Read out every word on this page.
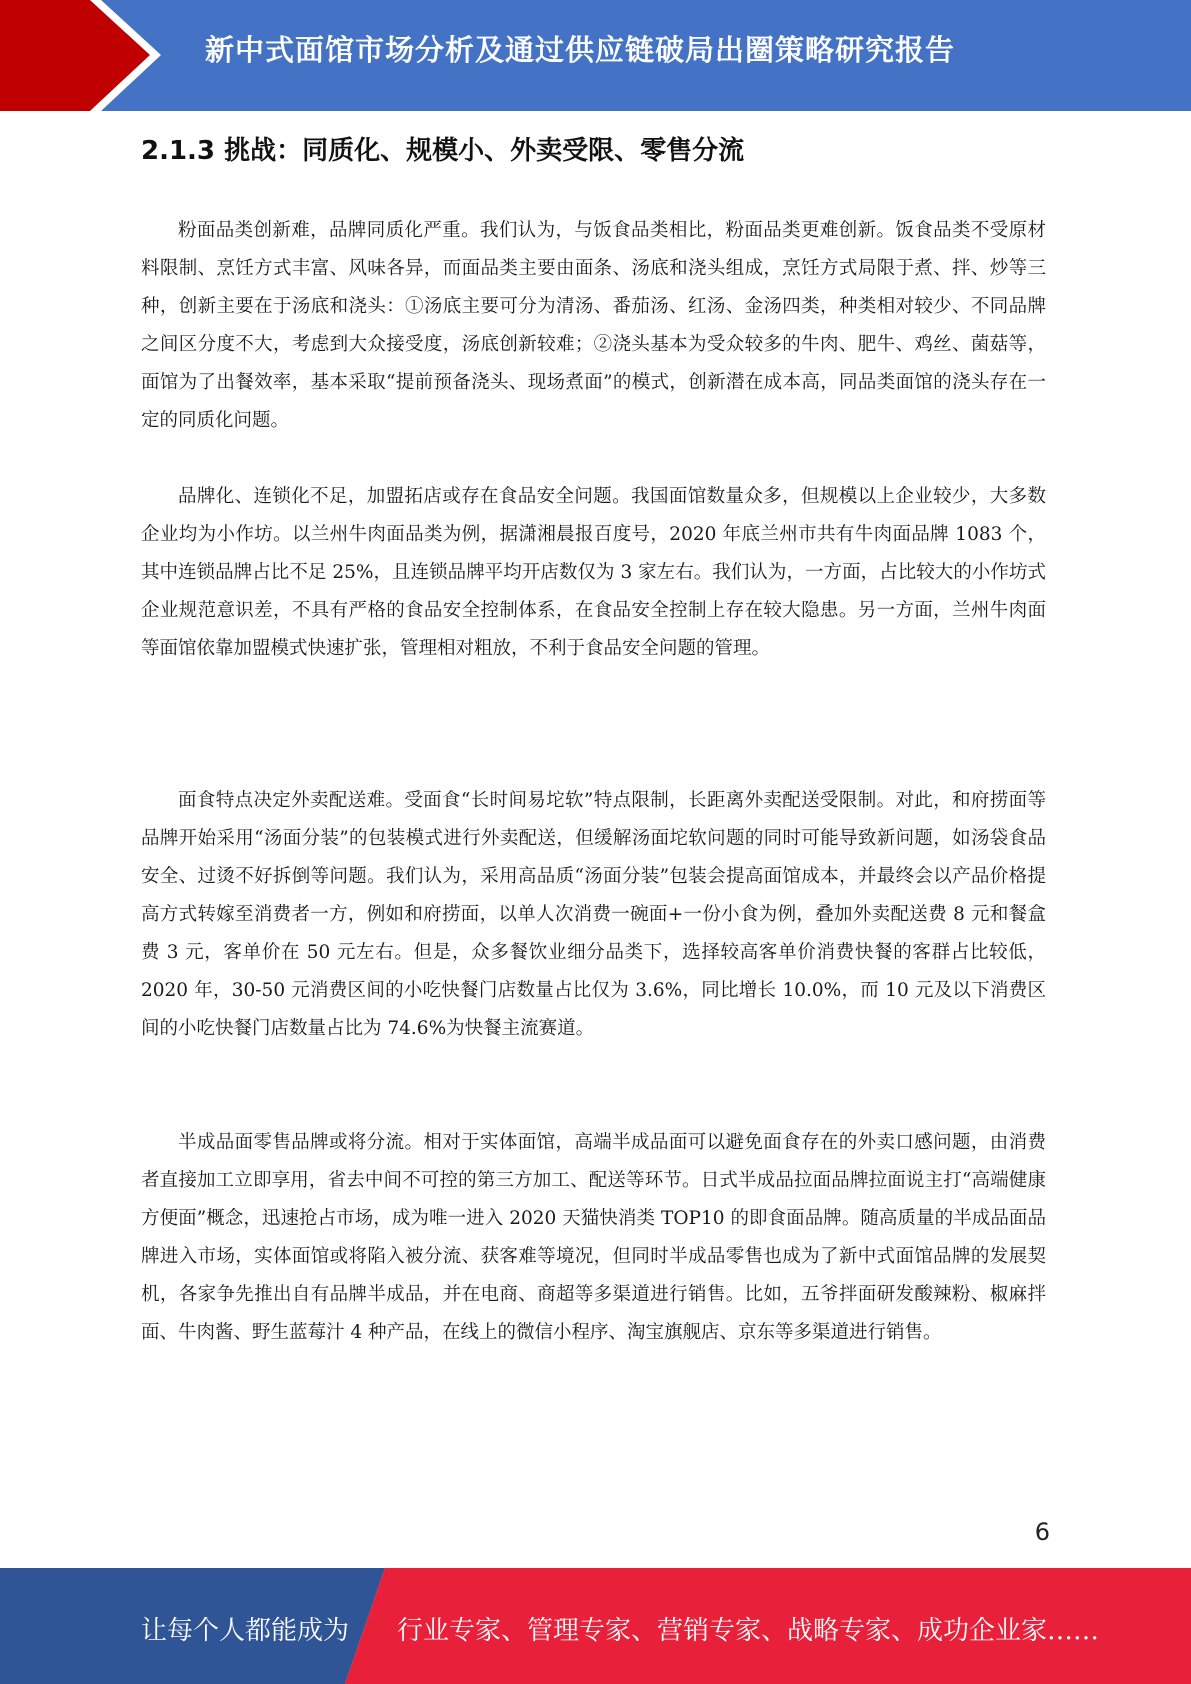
新中式面馆市场分析及通过供应链破局出圈策略研究报告
2.1.3 挑战：同质化、规模小、外卖受限、零售分流

粉面品类创新难，品牌同质化严重。我们认为，与饭食品类相比，粉面品类更难创新。饭食品类不受原材料限制、烹饪方式丰富、风味各异，而面品类主要由面条、汤底和浇头组成，烹饪方式局限于煮、拌、炒等三种，创新主要在于汤底和浇头：①汤底主要可分为清汤、番茄汤、红汤、金汤四类，种类相对较少、不同品牌之间区分度不大，考虑到大众接受度，汤底创新较难；②浇头基本为受众较多的牛肉、肥牛、鸡丝、菌菇等，面馆为了出餐效率，基本采取“提前预备浇头、现场煮面”的模式，创新潜在成本高，同品类面馆的浇头存在一定的同质化问题。

品牌化、连锁化不足，加盟拓店或存在食品安全问题。我国面馆数量众多，但规模以上企业较少，大多数企业均为小作坊。以兰州牛肉面品类为例，据潇湘晨报百度号，2020 年底兰州市共有牛肉面品牌 1083 个，其中连锁品牌占比不足 25%，且连锁品牌平均开店数仅为 3 家左右。我们认为，一方面，占比较大的小作坊式企业规范意识差，不具有严格的食品安全控制体系，在食品安全控制上存在较大隐患。另一方面，兰州牛肉面等面馆依靠加盟模式快速扩张，管理相对粗放，不利于食品安全问题的管理。

面食特点决定外卖配送难。受面食“长时间易坨软”特点限制，长距离外卖配送受限制。对此，和府捞面等品牌开始采用“汤面分装”的包装模式进行外卖配送，但缓解汤面坨软问题的同时可能导致新问题，如汤袋食品安全、过烫不好拆倒等问题。我们认为，采用高品质“汤面分装”包装会提高面馆成本，并最终会以产品价格提高方式转嫁至消费者一方，例如和府捞面，以单人次消费一碗面+一份小食为例，叠加外卖配送费 8 元和餐盒费 3 元，客单价在 50 元左右。但是，众多餐饮业细分品类下，选择较高客单价消费快餐的客群占比较低，2020 年，30-50 元消费区间的小吃快餐门店数量占比仅为 3.6%，同比增长 10.0%，而 10 元及以下消费区间的小吃快餐门店数量占比为 74.6%为快餐主流赛道。

半成品面零售品牌或将分流。相对于实体面馆，高端半成品面可以避免面食存在的外卖口感问题，由消费者直接加工立即享用，省去中间不可控的第三方加工、配送等环节。日式半成品拉面品牌拉面说主打“高端健康方便面”概念，迅速抢占市场，成为唯一进入 2020 天猫快消类 TOP10 的即食面品牌。随高质量的半成品面品牌进入市场，实体面馆或将陷入被分流、获客难等境况，但同时半成品零售也成为了新中式面馆品牌的发展契机，各家争先推出自有品牌半成品，并在电商、商超等多渠道进行销售。比如，五爷拌面研发酸辣粉、椒麻拌面、牛肉酱、野生蓝莓汁 4 种产品，在线上的微信小程序、淘宝旗舰店、京东等多渠道进行销售。

6
让每个人都能成为 行业专家、管理专家、营销专家、战略专家、成功企业家……
